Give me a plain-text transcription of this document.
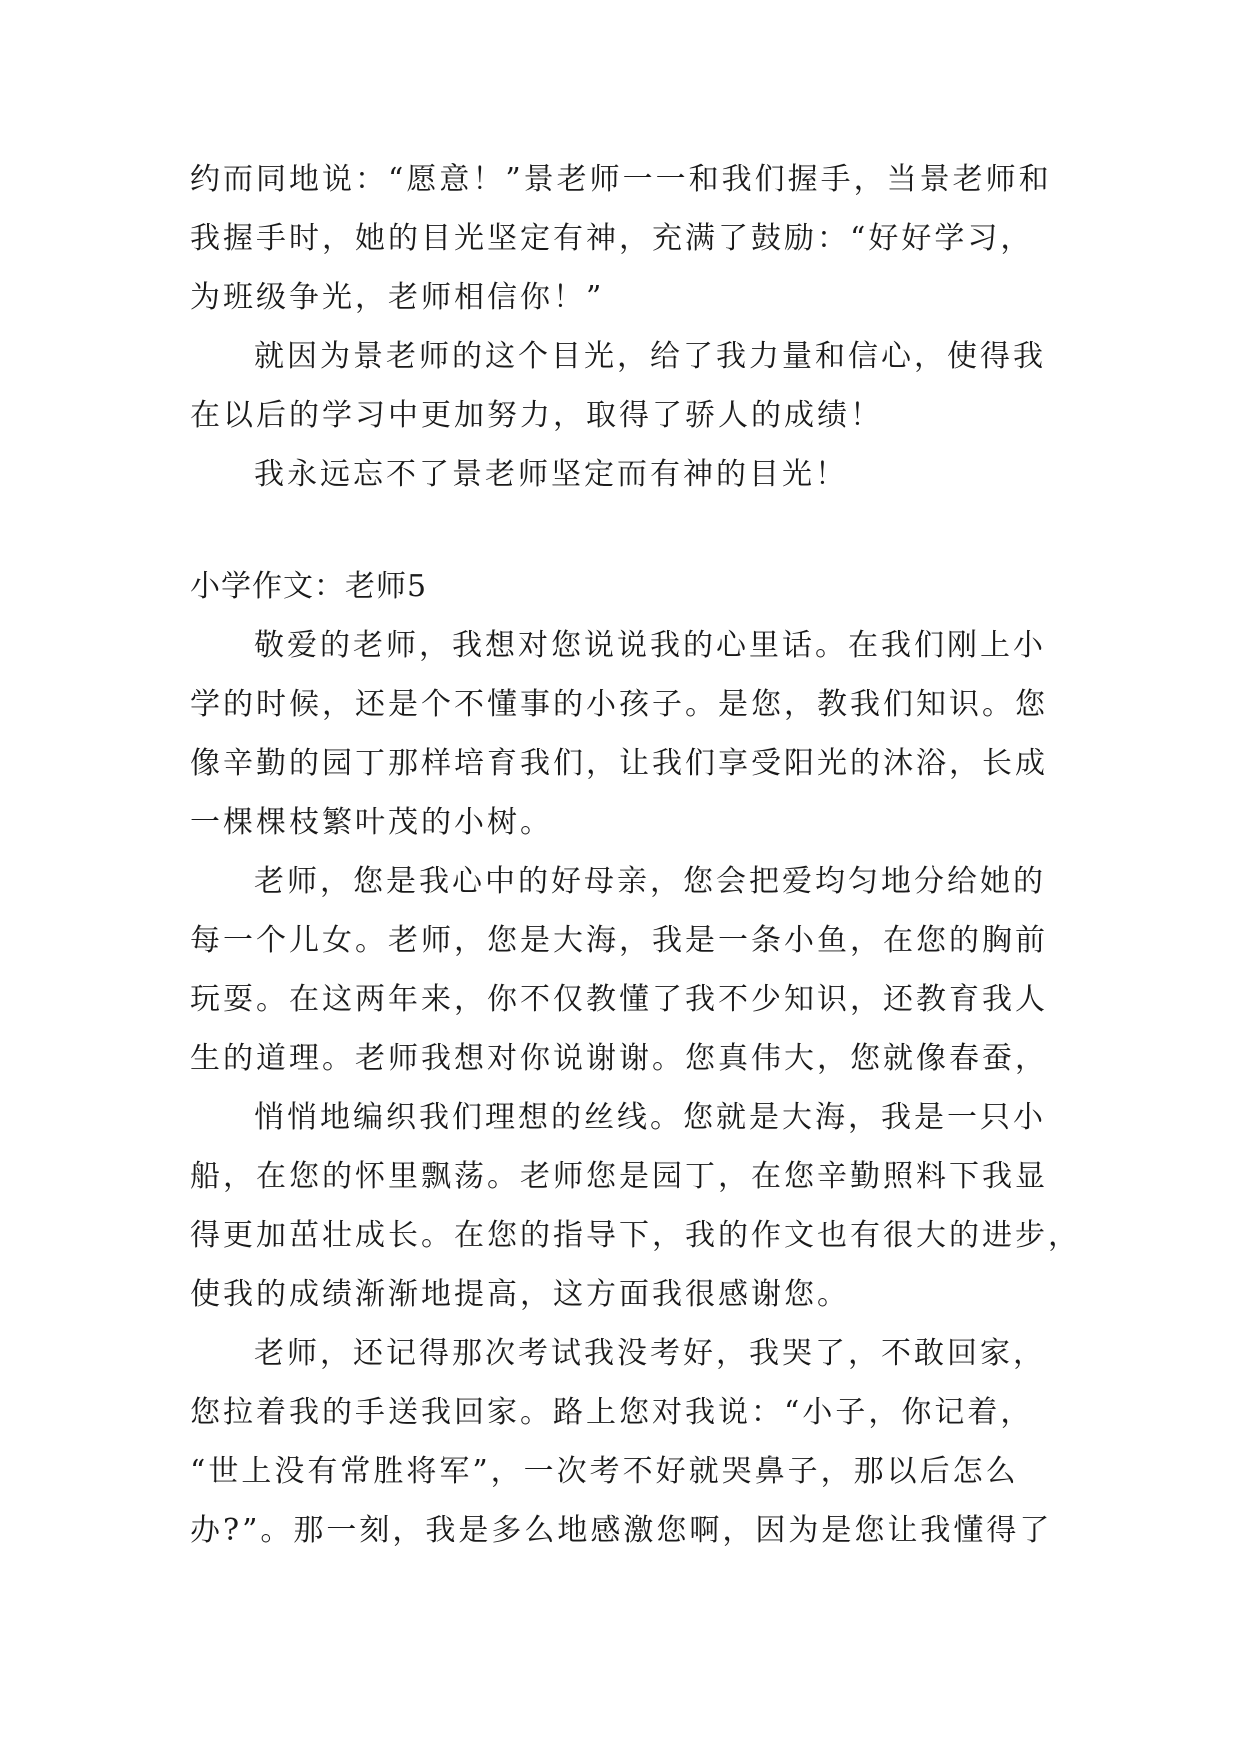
约而同地说：“愿意！”景老师一一和我们握手，当景老师和
我握手时，她的目光坚定有神，充满了鼓励：“好好学习，
为班级争光，老师相信你！”
就因为景老师的这个目光，给了我力量和信心，使得我
在以后的学习中更加努力，取得了骄人的成绩！
我永远忘不了景老师坚定而有神的目光！
小学作文：老师5
敬爱的老师，我想对您说说我的心里话。在我们刚上小
学的时候，还是个不懂事的小孩子。是您，教我们知识。您
像辛勤的园丁那样培育我们，让我们享受阳光的沐浴，长成
一棵棵枝繁叶茂的小树。
老师，您是我心中的好母亲，您会把爱均匀地分给她的
每一个儿女。老师，您是大海，我是一条小鱼，在您的胸前
玩耍。在这两年来，你不仅教懂了我不少知识，还教育我人
生的道理。老师我想对你说谢谢。您真伟大，您就像春蚕，
悄悄地编织我们理想的丝线。您就是大海，我是一只小
船，在您的怀里飘荡。老师您是园丁，在您辛勤照料下我显
得更加茁壮成长。在您的指导下，我的作文也有很大的进步，
使我的成绩渐渐地提高，这方面我很感谢您。
老师，还记得那次考试我没考好，我哭了，不敢回家，
您拉着我的手送我回家。路上您对我说：“小子，你记着，
“世上没有常胜将军”，一次考不好就哭鼻子，那以后怎么
办?”。那一刻，我是多么地感激您啊，因为是您让我懂得了
